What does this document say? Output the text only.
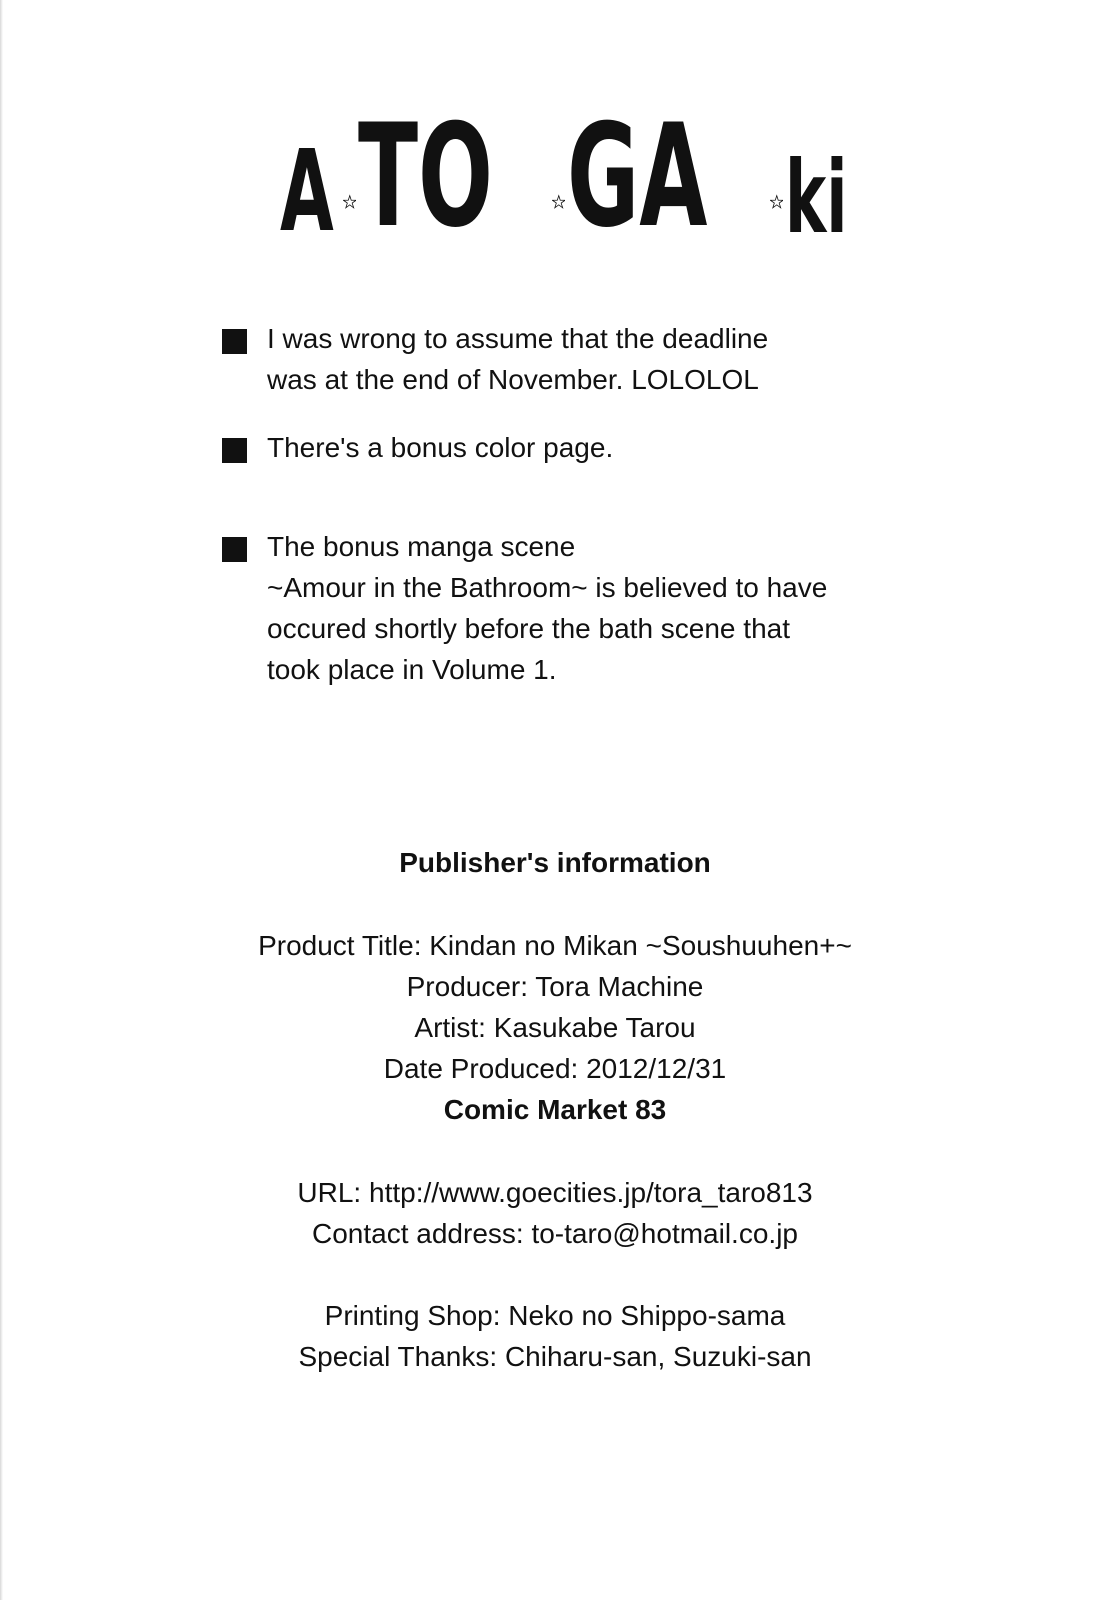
A TO GA ki

I was wrong to assume that the deadline

was at the end of November. LOLOLOL

There's a bonus color page.

The bonus manga scene

~Amour in the Bathroom~ is believed to have

occured shortly before the bath scene that

took place in Volume 1.

Publisher's information

Product Title: Kindan no Mikan ~Soushuuhen+~

Producer: Tora Machine

Artist: Kasukabe Tarou

Date Produced: 2012/12/31

Comic Market 83

URL: http://www.goecities.jp/tora_taro813

Contact address: to-taro@hotmail.co.jp

Printing Shop: Neko no Shippo-sama

Special Thanks: Chiharu-san, Suzuki-san
